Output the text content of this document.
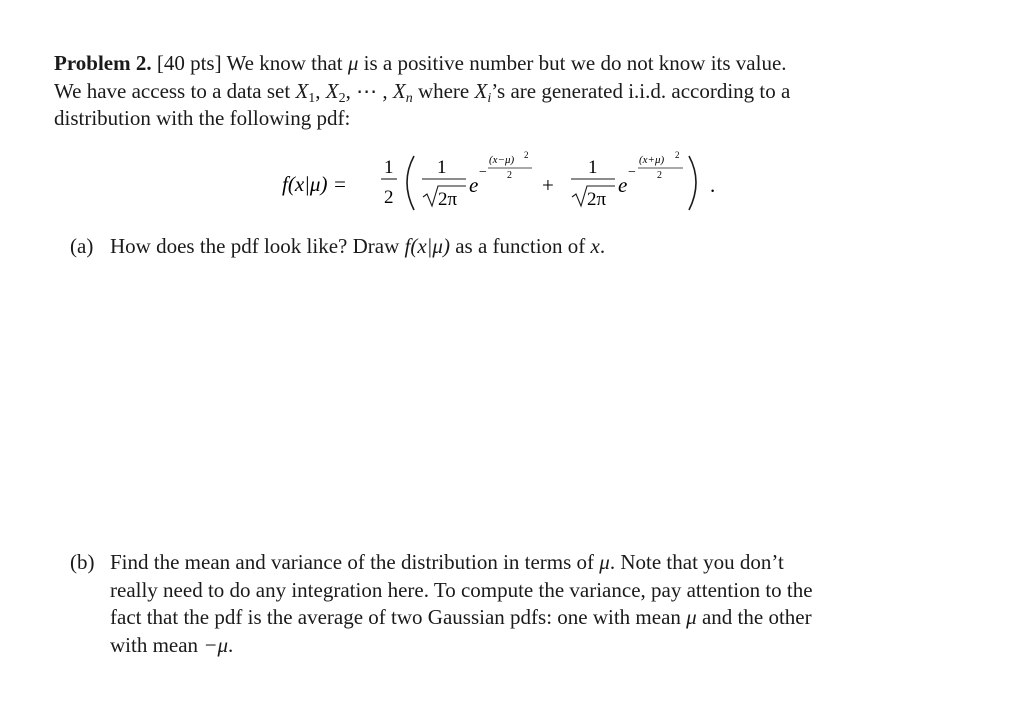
Problem 2. [40 pts] We know that μ is a positive number but we do not know its value.
We have access to a data set $X_1$, $X_2$, ⋯ , $X_n$ where $X_i’s$ are generated i.i.d. according to a
distribution with the following pdf:
f(x|μ) =
1
2
1
2π
e
−
(x−μ) 2
2 +
1
2π
e
−
(x+μ) 2
2 .
(a) How does the pdf look like? Draw f(x|μ) as a function of x.
(b) Find the mean and variance of the distribution in terms of μ. Note that you don’t
really need to do any integration here. To compute the variance, pay attention to the
fact that the pdf is the average of two Gaussian pdfs: one with mean μ and the other
with mean −μ.
